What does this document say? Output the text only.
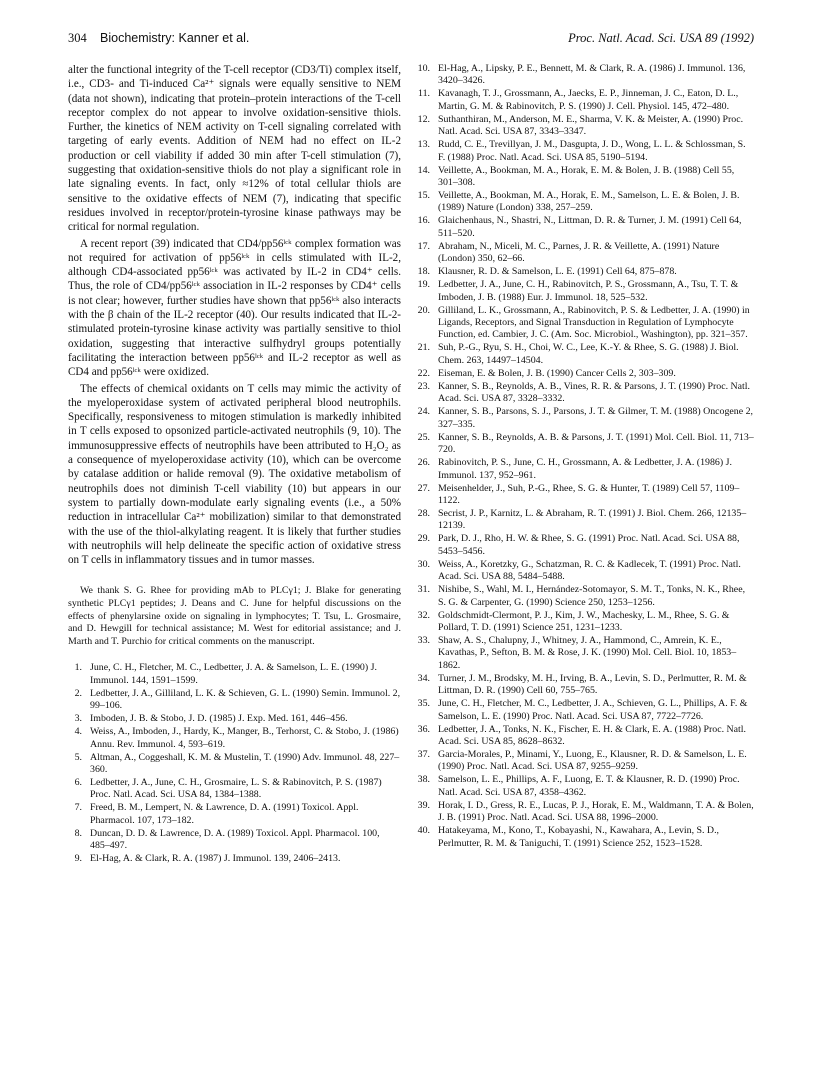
304 Biochemistry: Kanner et al.	Proc. Natl. Acad. Sci. USA 89 (1992)

alter the functional integrity of the T-cell receptor (CD3/Ti) complex itself, i.e., CD3- and Ti-induced Ca²⁺ signals were equally sensitive to NEM (data not shown), indicating that protein–protein interactions of the T-cell receptor complex do not appear to involve oxidation-sensitive thiols. Further, the kinetics of NEM activity on T-cell signaling correlated with targeting of early events. Addition of NEM had no effect on IL-2 production or cell viability if added 30 min after T-cell stimulation (7), suggesting that oxidation-sensitive thiols do not play a significant role in late signaling events. In fact, only ≈12% of total cellular thiols are sensitive to the oxidative effects of NEM (7), indicating that specific residues involved in receptor/protein-tyrosine kinase pathways may be critical for normal regulation.

A recent report (39) indicated that CD4/pp56ˡᶜᵏ complex formation was not required for activation of pp56ˡᶜᵏ in cells stimulated with IL-2, although CD4-associated pp56ˡᶜᵏ was activated by IL-2 in CD4⁺ cells. Thus, the role of CD4/pp56ˡᶜᵏ association in IL-2 responses by CD4⁺ cells is not clear; however, further studies have shown that pp56ˡᶜᵏ also interacts with the β chain of the IL-2 receptor (40). Our results indicated that IL-2-stimulated protein-tyrosine kinase activity was partially sensitive to thiol oxidation, suggesting that interactive sulfhydryl groups potentially facilitating the interaction between pp56ˡᶜᵏ and IL-2 receptor as well as CD4 and pp56ˡᶜᵏ were oxidized.

The effects of chemical oxidants on T cells may mimic the activity of the myeloperoxidase system of activated peripheral blood neutrophils. Specifically, responsiveness to mitogen stimulation is markedly inhibited in T cells exposed to opsonized particle-activated neutrophils (9, 10). The immunosuppressive effects of neutrophils have been attributed to H₂O₂ as a consequence of myeloperoxidase activity (10), which can be overcome by catalase addition or halide removal (9). The oxidative metabolism of neutrophils does not diminish T-cell viability (10) but appears in our system to partially down-modulate early signaling events (i.e., a 50% reduction in intracellular Ca²⁺ mobilization) similar to that demonstrated with the use of the thiol-alkylating reagent. It is likely that further studies with neutrophils will help delineate the specific action of oxidative stress on T cells in inflammatory tissues and in tumor masses.

We thank S. G. Rhee for providing mAb to PLCγ1; J. Blake for generating synthetic PLCγ1 peptides; J. Deans and C. June for helpful discussions on the effects of phenylarsine oxide on signaling in lymphocytes; T. Tsu, L. Grosmaire, and D. Hewgill for technical assistance; M. West for editorial assistance; and J. Marth and T. Purchio for critical comments on the manuscript.

1. June, C. H., Fletcher, M. C., Ledbetter, J. A. & Samelson, L. E. (1990) J. Immunol. 144, 1591–1599.
2. Ledbetter, J. A., Gilliland, L. K. & Schieven, G. L. (1990) Semin. Immunol. 2, 99–106.
3. Imboden, J. B. & Stobo, J. D. (1985) J. Exp. Med. 161, 446–456.
4. Weiss, A., Imboden, J., Hardy, K., Manger, B., Terhorst, C. & Stobo, J. (1986) Annu. Rev. Immunol. 4, 593–619.
5. Altman, A., Coggeshall, K. M. & Mustelin, T. (1990) Adv. Immunol. 48, 227–360.
6. Ledbetter, J. A., June, C. H., Grosmaire, L. S. & Rabinovitch, P. S. (1987) Proc. Natl. Acad. Sci. USA 84, 1384–1388.
7. Freed, B. M., Lempert, N. & Lawrence, D. A. (1991) Toxicol. Appl. Pharmacol. 107, 173–182.
8. Duncan, D. D. & Lawrence, D. A. (1989) Toxicol. Appl. Pharmacol. 100, 485–497.
9. El-Hag, A. & Clark, R. A. (1987) J. Immunol. 139, 2406–2413.
10. El-Hag, A., Lipsky, P. E., Bennett, M. & Clark, R. A. (1986) J. Immunol. 136, 3420–3426.
11. Kavanagh, T. J., Grossmann, A., Jaecks, E. P., Jinneman, J. C., Eaton, D. L., Martin, G. M. & Rabinovitch, P. S. (1990) J. Cell. Physiol. 145, 472–480.
12. Suthanthiran, M., Anderson, M. E., Sharma, V. K. & Meister, A. (1990) Proc. Natl. Acad. Sci. USA 87, 3343–3347.
13. Rudd, C. E., Trevillyan, J. M., Dasgupta, J. D., Wong, L. L. & Schlossman, S. F. (1988) Proc. Natl. Acad. Sci. USA 85, 5190–5194.
14. Veillette, A., Bookman, M. A., Horak, E. M. & Bolen, J. B. (1988) Cell 55, 301–308.
15. Veillette, A., Bookman, M. A., Horak, E. M., Samelson, L. E. & Bolen, J. B. (1989) Nature (London) 338, 257–259.
16. Glaichenhaus, N., Shastri, N., Littman, D. R. & Turner, J. M. (1991) Cell 64, 511–520.
17. Abraham, N., Miceli, M. C., Parnes, J. R. & Veillette, A. (1991) Nature (London) 350, 62–66.
18. Klausner, R. D. & Samelson, L. E. (1991) Cell 64, 875–878.
19. Ledbetter, J. A., June, C. H., Rabinovitch, P. S., Grossmann, A., Tsu, T. T. & Imboden, J. B. (1988) Eur. J. Immunol. 18, 525–532.
20. Gilliland, L. K., Grossmann, A., Rabinovitch, P. S. & Ledbetter, J. A. (1990) in Ligands, Receptors, and Signal Transduction in Regulation of Lymphocyte Function, ed. Cambier, J. C. (Am. Soc. Microbiol., Washington), pp. 321–357.
21. Suh, P.-G., Ryu, S. H., Choi, W. C., Lee, K.-Y. & Rhee, S. G. (1988) J. Biol. Chem. 263, 14497–14504.
22. Eiseman, E. & Bolen, J. B. (1990) Cancer Cells 2, 303–309.
23. Kanner, S. B., Reynolds, A. B., Vines, R. R. & Parsons, J. T. (1990) Proc. Natl. Acad. Sci. USA 87, 3328–3332.
24. Kanner, S. B., Parsons, S. J., Parsons, J. T. & Gilmer, T. M. (1988) Oncogene 2, 327–335.
25. Kanner, S. B., Reynolds, A. B. & Parsons, J. T. (1991) Mol. Cell. Biol. 11, 713–720.
26. Rabinovitch, P. S., June, C. H., Grossmann, A. & Ledbetter, J. A. (1986) J. Immunol. 137, 952–961.
27. Meisenhelder, J., Suh, P.-G., Rhee, S. G. & Hunter, T. (1989) Cell 57, 1109–1122.
28. Secrist, J. P., Karnitz, L. & Abraham, R. T. (1991) J. Biol. Chem. 266, 12135–12139.
29. Park, D. J., Rho, H. W. & Rhee, S. G. (1991) Proc. Natl. Acad. Sci. USA 88, 5453–5456.
30. Weiss, A., Koretzky, G., Schatzman, R. C. & Kadlecek, T. (1991) Proc. Natl. Acad. Sci. USA 88, 5484–5488.
31. Nishibe, S., Wahl, M. I., Hernández-Sotomayor, S. M. T., Tonks, N. K., Rhee, S. G. & Carpenter, G. (1990) Science 250, 1253–1256.
32. Goldschmidt-Clermont, P. J., Kim, J. W., Machesky, L. M., Rhee, S. G. & Pollard, T. D. (1991) Science 251, 1231–1233.
33. Shaw, A. S., Chalupny, J., Whitney, J. A., Hammond, C., Amrein, K. E., Kavathas, P., Sefton, B. M. & Rose, J. K. (1990) Mol. Cell. Biol. 10, 1853–1862.
34. Turner, J. M., Brodsky, M. H., Irving, B. A., Levin, S. D., Perlmutter, R. M. & Littman, D. R. (1990) Cell 60, 755–765.
35. June, C. H., Fletcher, M. C., Ledbetter, J. A., Schieven, G. L., Phillips, A. F. & Samelson, L. E. (1990) Proc. Natl. Acad. Sci. USA 87, 7722–7726.
36. Ledbetter, J. A., Tonks, N. K., Fischer, E. H. & Clark, E. A. (1988) Proc. Natl. Acad. Sci. USA 85, 8628–8632.
37. Garcia-Morales, P., Minami, Y., Luong, E., Klausner, R. D. & Samelson, L. E. (1990) Proc. Natl. Acad. Sci. USA 87, 9255–9259.
38. Samelson, L. E., Phillips, A. F., Luong, E. T. & Klausner, R. D. (1990) Proc. Natl. Acad. Sci. USA 87, 4358–4362.
39. Horak, I. D., Gress, R. E., Lucas, P. J., Horak, E. M., Waldmann, T. A. & Bolen, J. B. (1991) Proc. Natl. Acad. Sci. USA 88, 1996–2000.
40. Hatakeyama, M., Kono, T., Kobayashi, N., Kawahara, A., Levin, S. D., Perlmutter, R. M. & Taniguchi, T. (1991) Science 252, 1523–1528.
